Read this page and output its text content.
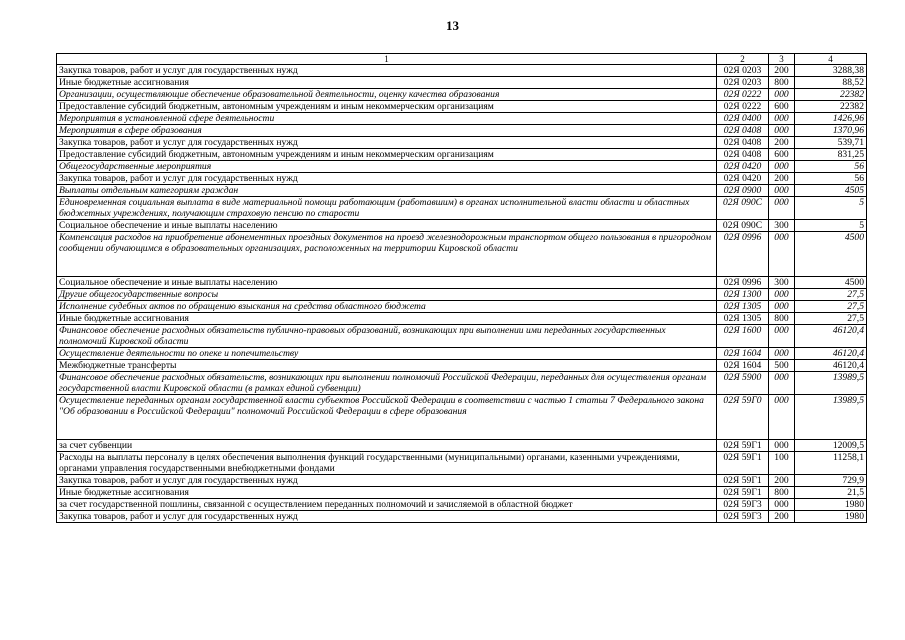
13
1	2	3	4
Закупка товаров, работ и услуг для государственных нужд	02Я 0203	200	3288,38
Иные бюджетные ассигнования	02Я 0203	800	88,52
Организации, осуществляющие обеспечение образовательной деятельности, оценку качества образования	02Я 0222	000	22382
Предоставление субсидий бюджетным, автономным учреждениям и иным некоммерческим организациям	02Я 0222	600	22382
Мероприятия в установленной сфере деятельности	02Я 0400	000	1426,96
Мероприятия в сфере образования	02Я 0408	000	1370,96
Закупка товаров, работ и услуг для государственных нужд	02Я 0408	200	539,71
Предоставление субсидий бюджетным, автономным учреждениям и иным некоммерческим организациям	02Я 0408	600	831,25
Общегосударственные мероприятия	02Я 0420	000	56
Закупка товаров, работ и услуг для государственных нужд	02Я 0420	200	56
Выплаты отдельным категориям граждан	02Я 0900	000	4505
Единовременная социальная выплата в виде материальной помощи работающим (работавшим) в органах исполнительной власти области и областных бюджетных учреждениях, получающим страховую пенсию по старости	02Я 090С	000	5
Социальное обеспечение и иные выплаты населению	02Я 090С	300	5
Компенсация расходов на приобретение абонементных проездных документов на проезд железнодорожным транспортом общего пользования в пригородном сообщении обучающимся в образовательных организациях, расположенных на территории Кировской области	02Я 0996	000	4500
Социальное обеспечение и иные выплаты населению	02Я 0996	300	4500
Другие общегосударственные вопросы	02Я 1300	000	27,5
Исполнение судебных актов по обращению взыскания на средства областного бюджета	02Я 1305	000	27,5
Иные бюджетные ассигнования	02Я 1305	800	27,5
Финансовое обеспечение расходных обязательств публично-правовых образований, возникающих при выполнении ими переданных государственных полномочий Кировской области	02Я 1600	000	46120,4
Осуществление деятельности по опеке и попечительству	02Я 1604	000	46120,4
Межбюджетные трансферты	02Я 1604	500	46120,4
Финансовое обеспечение расходных обязательств, возникающих при выполнении полномочий Российской Федерации, переданных для осуществления органам государственной власти Кировской области (в рамках единой субвенции)	02Я 5900	000	13989,5
Осуществление переданных органам государственной власти субъектов Российской Федерации в соответствии с частью 1 статьи 7 Федерального закона "Об образовании в Российской Федерации" полномочий Российской Федерации в сфере образования	02Я 59Г0	000	13989,5
за счет субвенции	02Я 59Г1	000	12009,5
Расходы на выплаты персоналу в целях обеспечения выполнения функций государственными (муниципальными) органами, казенными учреждениями, органами управления государственными внебюджетными фондами	02Я 59Г1	100	11258,1
Закупка товаров, работ и услуг для государственных нужд	02Я 59Г1	200	729,9
Иные бюджетные ассигнования	02Я 59Г1	800	21,5
за счет государственной пошлины, связанной с осуществлением переданных полномочий и зачисляемой в областной бюджет	02Я 59Г3	000	1980
Закупка товаров, работ и услуг для государственных нужд	02Я 59Г3	200	1980
